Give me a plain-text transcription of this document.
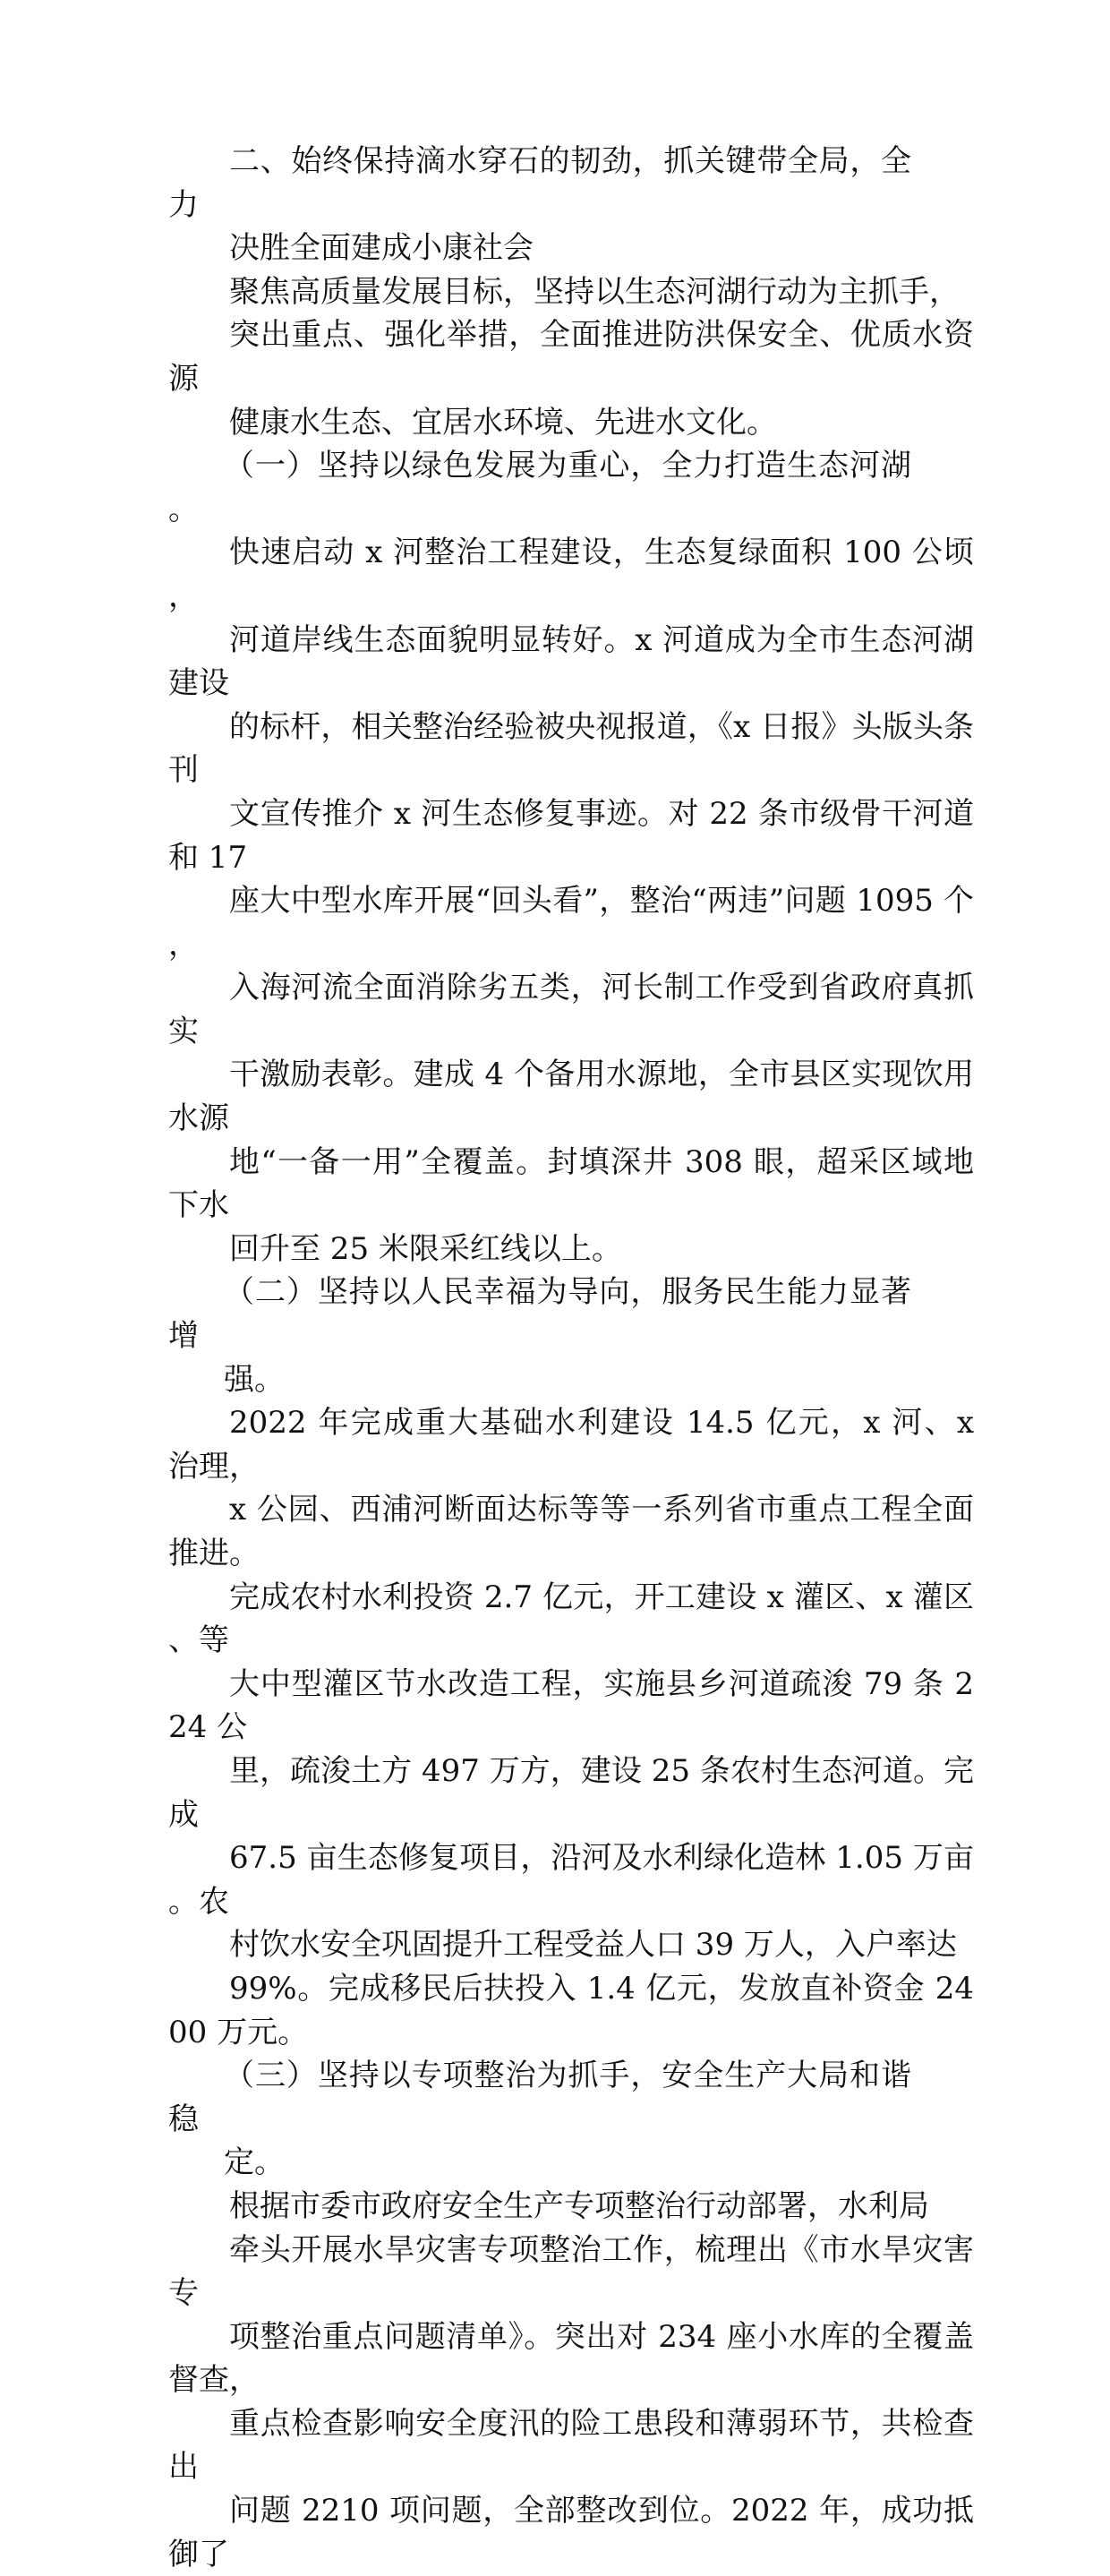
二、始终保持滴水穿石的韧劲，抓关键带全局，全力
决胜全面建成小康社会

聚焦高质量发展目标，坚持以生态河湖行动为主抓手，
突出重点、强化举措，全面推进防洪保安全、优质水资源
健康水生态、宜居水环境、先进水文化。

（一）坚持以绿色发展为重心，全力打造生态河湖。

快速启动 x 河整治工程建设，生态复绿面积 100 公顷，
河道岸线生态面貌明显转好。x 河道成为全市生态河湖建设
的标杆，相关整治经验被央视报道，《x 日报》头版头条刊
文宣传推介 x 河生态修复事迹。对 22 条市级骨干河道和 17
座大中型水库开展“回头看”，整治“两违”问题 1095 个，
入海河流全面消除劣五类，河长制工作受到省政府真抓实
干激励表彰。建成 4 个备用水源地，全市县区实现饮用水源
地“一备一用”全覆盖。封填深井 308 眼，超采区域地下水
回升至 25 米限采红线以上。

（二）坚持以人民幸福为导向，服务民生能力显著增
强。

2022 年完成重大基础水利建设 14.5 亿元，x 河、x 治理，
x 公园、西浦河断面达标等等一系列省市重点工程全面推进。
完成农村水利投资 2.7 亿元，开工建设 x 灌区、x 灌区、等
大中型灌区节水改造工程，实施县乡河道疏浚 79 条 224 公
里，疏浚土方 497 万方，建设 25 条农村生态河道。完成
67.5 亩生态修复项目，沿河及水利绿化造林 1.05 万亩。农
村饮水安全巩固提升工程受益人口 39 万人，入户率达
99%。完成移民后扶投入 1.4 亿元，发放直补资金 2400 万元。

（三）坚持以专项整治为抓手，安全生产大局和谐稳
定。

根据市委市政府安全生产专项整治行动部署，水利局
牵头开展水旱灾害专项整治工作，梳理出《市水旱灾害专
项整治重点问题清单》。突出对 234 座小水库的全覆盖督查，
重点检查影响安全度汛的险工患段和薄弱环节，共检查出
问题 2210 项问题，全部整改到位。2022 年，成功抵御了
